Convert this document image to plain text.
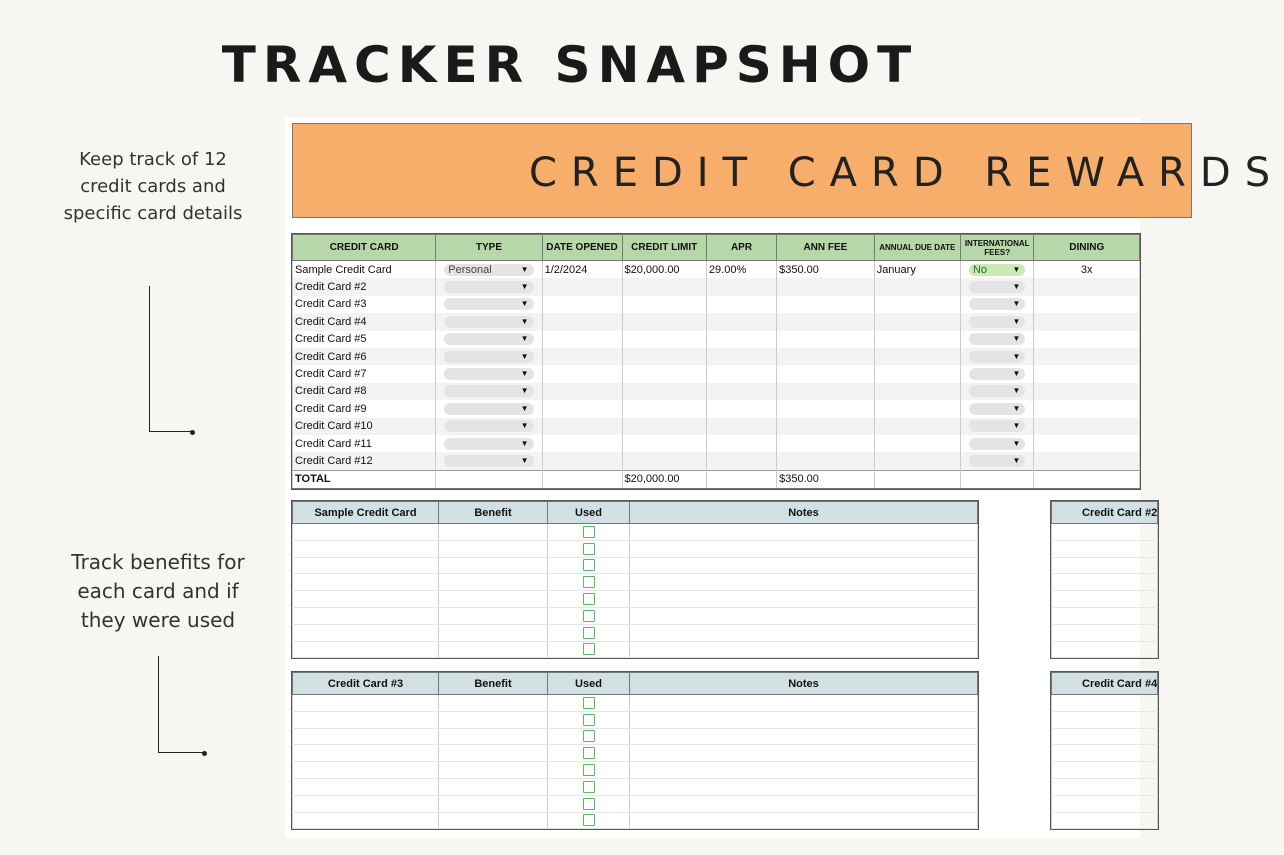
TRACKER SNAPSHOT
Keep track of 12 credit cards and specific card details
Track benefits for each card and if they were used
CREDIT CARD REWARDS
CREDIT CARD	TYPE	DATE OPENED	CREDIT LIMIT	APR	ANN FEE	ANNUAL DUE DATE	INTERNATIONAL FEES?	DINING
Sample Credit Card	Personal ▼	1/2/2024	$20,000.00	29.00%	$350.00	January	No ▼	3x
Credit Card #2	▼						▼	

Credit Card #3	▼						▼	

Credit Card #4	▼						▼	

Credit Card #5	▼						▼	

Credit Card #6	▼						▼	

Credit Card #7	▼						▼	

Credit Card #8	▼						▼	

Credit Card #9	▼						▼	

Credit Card #10	▼						▼	

Credit Card #11	▼						▼	

Credit Card #12	▼						▼	

TOTAL			$20,000.00		$350.00			
Sample Credit Card	Benefit	Used	Notes

Credit Card #3	Benefit	Used	Notes

Credit Card #2

Credit Card #4
